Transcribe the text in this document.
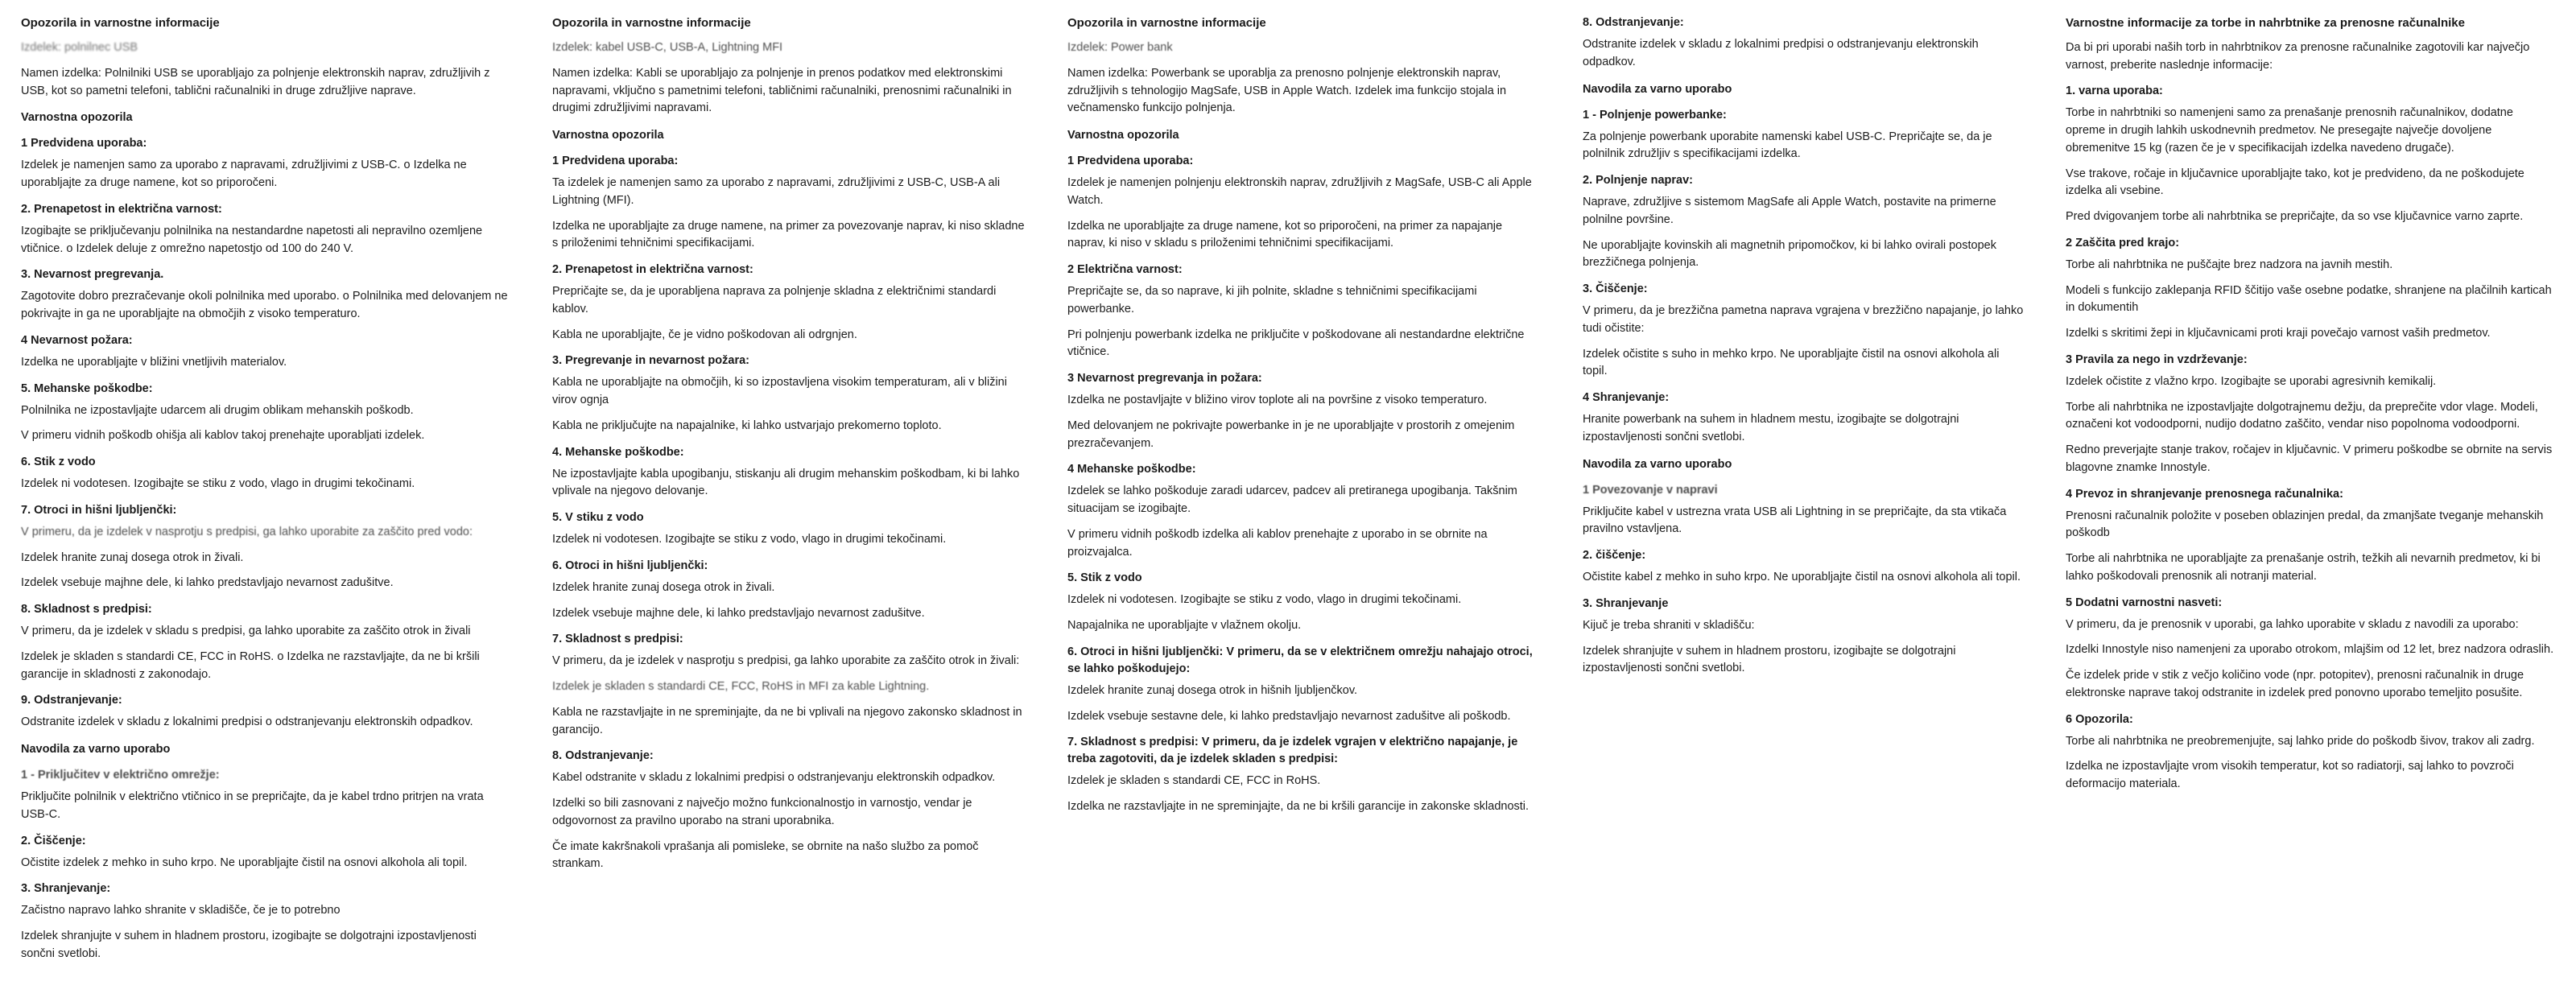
Opozorila in varnostne informacije
Izdelek: polnilnec USB

Namen izdelka: Polnilniki USB se uporabljajo za polnjenje elektronskih naprav, združljivih z USB, kot so pametni telefoni, tablični računalniki in druge združljive naprave.

Varnostna opozorila
1 Predvidena uporaba:

Izdelek je namenjen samo za uporabo z napravami, združljivimi z USB-C. o Izdelka ne uporabljajte za druge namene, kot so priporočeni.

2. Prenapetost in električna varnost:

Izogibajte se priključevanju polnilnika na nestandardne napetosti ali nepravilno ozemljene vtičnice. o Izdelek deluje z omrežno napetostjo od 100 do 240 V.

3. Nevarnost pregrevanja.

Zagotovite dobro prezračevanje okoli polnilnika med uporabo. o Polnilnika med delovanjem ne pokrivajte in ga ne uporabljajte na območjih z visoko temperaturo.

4 Nevarnost požara:

Izdelka ne uporabljajte v bližini vnetljivih materialov.

5. Mehanske poškodbe:

Polnilnika ne izpostavljajte udarcem ali drugim oblikam mehanskih poškodb.

V primeru vidnih poškodb ohišja ali kablov takoj prenehajte uporabljati izdelek.

6. Stik z vodo

Izdelek ni vodotesen. Izogibajte se stiku z vodo, vlago in drugimi tekočinami.

7. Otroci in hišni ljubljenčki:

V primeru, da je izdelek v nasprotju s predpisi, ga lahko uporabite za zaščito pred vodo:

Izdelek hranite zunaj dosega otrok in živali.

Izdelek vsebuje majhne dele, ki lahko predstavljajo nevarnost zadušitve.

8. Skladnost s predpisi:

V primeru, da je izdelek v skladu s predpisi, ga lahko uporabite za zaščito otrok in živali

Izdelek je skladen s standardi CE, FCC in RoHS. o Izdelka ne razstavljajte, da ne bi kršili garancije in skladnosti z zakonodajo.

9. Odstranjevanje:

Odstranite izdelek v skladu z lokalnimi predpisi o odstranjevanju elektronskih odpadkov.

Navodila za varno uporabo
1 - Priključitev v električno omrežje:

Priključite polnilnik v električno vtičnico in se prepričajte, da je kabel trdno pritrjen na vrata USB-C.

2. Čiščenje:

Očistite izdelek z mehko in suho krpo. Ne uporabljajte čistil na osnovi alkohola ali topil.

3. Shranjevanje:

Začistno napravo lahko shranite v skladišče, če je to potrebno

Izdelek shranjujte v suhem in hladnem prostoru, izogibajte se dolgotrajni izpostavljenosti sončni svetlobi.

Opozorila in varnostne informacije
Izdelek: kabel USB-C, USB-A, Lightning MFI

Namen izdelka: Kabli se uporabljajo za polnjenje in prenos podatkov med elektronskimi napravami, vključno s pametnimi telefoni, tabličnimi računalniki, prenosnimi računalniki in drugimi združljivimi napravami.

Varnostna opozorila
1 Predvidena uporaba:

Ta izdelek je namenjen samo za uporabo z napravami, združljivimi z USB-C, USB-A ali Lightning (MFI).

Izdelka ne uporabljajte za druge namene, na primer za povezovanje naprav, ki niso skladne s priloženimi tehničnimi specifikacijami.

2. Prenapetost in električna varnost:

Prepričajte se, da je uporabljena naprava za polnjenje skladna z električnimi standardi kablov.

Kabla ne uporabljajte, če je vidno poškodovan ali odrgnjen.

3. Pregrevanje in nevarnost požara:

Kabla ne uporabljajte na območjih, ki so izpostavljena visokim temperaturam, ali v bližini virov ognja

Kabla ne priključujte na napajalnike, ki lahko ustvarjajo prekomerno toploto.

4. Mehanske poškodbe:

Ne izpostavljajte kabla upogibanju, stiskanju ali drugim mehanskim poškodbam, ki bi lahko vplivale na njegovo delovanje.

5. V stiku z vodo

Izdelek ni vodotesen. Izogibajte se stiku z vodo, vlago in drugimi tekočinami.

6. Otroci in hišni ljubljenčki:

Izdelek hranite zunaj dosega otrok in živali.

Izdelek vsebuje majhne dele, ki lahko predstavljajo nevarnost zadušitve.

7. Skladnost s predpisi:

V primeru, da je izdelek v nasprotju s predpisi, ga lahko uporabite za zaščito otrok in živali:

Izdelek je skladen s standardi CE, FCC, RoHS in MFI za kable Lightning.

Kabla ne razstavljajte in ne spreminjajte, da ne bi vplivali na njegovo zakonsko skladnost in garancijo.

8. Odstranjevanje:

Kabel odstranite v skladu z lokalnimi predpisi o odstranjevanju elektronskih odpadkov.

Izdelki so bili zasnovani z največjo možno funkcionalnostjo in varnostjo, vendar je odgovornost za pravilno uporabo na strani uporabnika.

Če imate kakršnakoli vprašanja ali pomisleke, se obrnite na našo službo za pomoč strankam.

Opozorila in varnostne informacije
Izdelek: Power bank

Namen izdelka: Powerbank se uporablja za prenosno polnjenje elektronskih naprav, združljivih s tehnologijo MagSafe, USB in Apple Watch. Izdelek ima funkcijo stojala in večnamensko funkcijo polnjenja.

Varnostna opozorila
1 Predvidena uporaba:

Izdelek je namenjen polnjenju elektronskih naprav, združljivih z MagSafe, USB-C ali Apple Watch.

Izdelka ne uporabljajte za druge namene, kot so priporočeni, na primer za napajanje naprav, ki niso v skladu s priloženimi tehničnimi specifikacijami.

2 Električna varnost:

Prepričajte se, da so naprave, ki jih polnite, skladne s tehničnimi specifikacijami powerbanke.

Pri polnjenju powerbank izdelka ne priključite v poškodovane ali nestandardne električne vtičnice.

3 Nevarnost pregrevanja in požara:

Izdelka ne postavljajte v bližino virov toplote ali na površine z visoko temperaturo.

Med delovanjem ne pokrivajte powerbanke in je ne uporabljajte v prostorih z omejenim prezračevanjem.

4 Mehanske poškodbe:

Izdelek se lahko poškoduje zaradi udarcev, padcev ali pretiranega upogibanja. Takšnim situacijam se izogibajte.

V primeru vidnih poškodb izdelka ali kablov prenehajte z uporabo in se obrnite na proizvajalca.

5. Stik z vodo

Izdelek ni vodotesen. Izogibajte se stiku z vodo, vlago in drugimi tekočinami.

Napajalnika ne uporabljajte v vlažnem okolju.

6. Otroci in hišni ljubljenčki: V primeru, da se v električnem omrežju nahajajo otroci, se lahko poškodujejo:

Izdelek hranite zunaj dosega otrok in hišnih ljubljenčkov.

Izdelek vsebuje sestavne dele, ki lahko predstavljajo nevarnost zadušitve ali poškodb.

7. Skladnost s predpisi: V primeru, da je izdelek vgrajen v električno napajanje, je treba zagotoviti, da je izdelek skladen s predpisi:

Izdelek je skladen s standardi CE, FCC in RoHS.

Izdelka ne razstavljajte in ne spreminjajte, da ne bi kršili garancije in zakonske skladnosti.

8. Odstranjevanje:

Odstranite izdelek v skladu z lokalnimi predpisi o odstranjevanju elektronskih odpadkov.

Navodila za varno uporabo
1 - Polnjenje powerbanke:

Za polnjenje powerbank uporabite namenski kabel USB-C. Prepričajte se, da je polnilnik združljiv s specifikacijami izdelka.

2. Polnjenje naprav:

Naprave, združljive s sistemom MagSafe ali Apple Watch, postavite na primerne polnilne površine.

Ne uporabljajte kovinskih ali magnetnih pripomočkov, ki bi lahko ovirali postopek brezžičnega polnjenja.

3. Čiščenje:

V primeru, da je brezžična pametna naprava vgrajena v brezžično napajanje, jo lahko tudi očistite:

Izdelek očistite s suho in mehko krpo. Ne uporabljajte čistil na osnovi alkohola ali topil.

4 Shranjevanje:

Hranite powerbank na suhem in hladnem mestu, izogibajte se dolgotrajni izpostavljenosti sončni svetlobi.

Navodila za varno uporabo
1 Povezovanje v napravi

Priključite kabel v ustrezna vrata USB ali Lightning in se prepričajte, da sta vtikača pravilno vstavljena.

2. čiščenje:

Očistite kabel z mehko in suho krpo. Ne uporabljajte čistil na osnovi alkohola ali topil.

3. Shranjevanje

Kijuč je treba shraniti v skladišču:

Izdelek shranjujte v suhem in hladnem prostoru, izogibajte se dolgotrajni izpostavljenosti sončni svetlobi.

Varnostne informacije za torbe in nahrbtnike za prenosne računalnike

Da bi pri uporabi naših torb in nahrbtnikov za prenosne računalnike zagotovili kar največjo varnost, preberite naslednje informacije:

1. varna uporaba:

Torbe in nahrbtniki so namenjeni samo za prenašanje prenosnih računalnikov, dodatne opreme in drugih lahkih uskodnevnih predmetov. Ne presegajte največje dovoljene obremenitve 15 kg (razen če je v specifikacijah izdelka navedeno drugače).

Vse trakove, ročaje in ključavnice uporabljajte tako, kot je predvideno, da ne poškodujete izdelka ali vsebine.

Pred dvigovanjem torbe ali nahrbtnika se prepričajte, da so vse ključavnice varno zaprte.

2 Zaščita pred krajo:

Torbe ali nahrbtnika ne puščajte brez nadzora na javnih mestih.

Modeli s funkcijo zaklepanja RFID ščitijo vaše osebne podatke, shranjene na plačilnih karticah in dokumentih

Izdelki s skritimi žepi in ključavnicami proti kraji povečajo varnost vaših predmetov.

3 Pravila za nego in vzdrževanje:

Izdelek očistite z vlažno krpo. Izogibajte se uporabi agresivnih kemikalij.

Torbe ali nahrbtnika ne izpostavljajte dolgotrajnemu dežju, da preprečite vdor vlage. Modeli, označeni kot vodoodporni, nudijo dodatno zaščito, vendar niso popolnoma vodoodporni.

Redno preverjajte stanje trakov, ročajev in ključavnic. V primeru poškodbe se obrnite na servis blagovne znamke Innostyle.

4 Prevoz in shranjevanje prenosnega računalnika:

Prenosni računalnik položite v poseben oblazinjen predal, da zmanjšate tveganje mehanskih poškodb

Torbe ali nahrbtnika ne uporabljajte za prenašanje ostrih, težkih ali nevarnih predmetov, ki bi lahko poškodovali prenosnik ali notranji material.

5 Dodatni varnostni nasveti:

V primeru, da je prenosnik v uporabi, ga lahko uporabite v skladu z navodili za uporabo:

Izdelki Innostyle niso namenjeni za uporabo otrokom, mlajšim od 12 let, brez nadzora odraslih.

Če izdelek pride v stik z večjo količino vode (npr. potopitev), prenosni računalnik in druge elektronske naprave takoj odstranite in izdelek pred ponovno uporabo temeljito posušite.

6 Opozorila:

Torbe ali nahrbtnika ne preobremenjujte, saj lahko pride do poškodb šivov, trakov ali zadrg.

Izdelka ne izpostavljajte vrom visokih temperatur, kot so radiatorji, saj lahko to povzroči deformacijo materiala.
